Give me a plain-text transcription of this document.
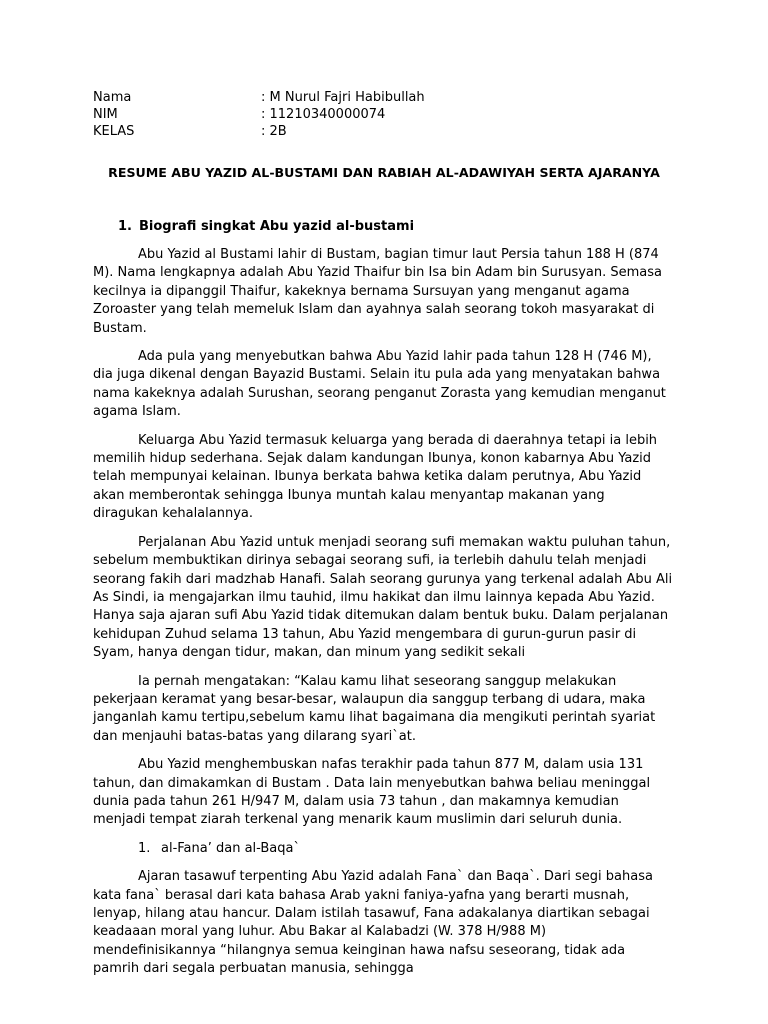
Nama	: M Nurul Fajri Habibullah
NIM	: 11210340000074
KELAS	: 2B
RESUME ABU YAZID AL-BUSTAMI DAN RABIAH AL-ADAWIYAH SERTA AJARANYA
1. Biografi singkat Abu yazid al-bustami

Abu Yazid al Bustami lahir di Bustam, bagian timur laut Persia tahun 188 H (874 M). Nama lengkapnya adalah Abu Yazid Thaifur bin Isa bin Adam bin Surusyan. Semasa kecilnya ia dipanggil Thaifur, kakeknya bernama Sursuyan yang menganut agama Zoroaster yang telah memeluk Islam dan ayahnya salah seorang tokoh masyarakat di Bustam.

Ada pula yang menyebutkan bahwa Abu Yazid lahir pada tahun 128 H (746 M), dia juga dikenal dengan Bayazid Bustami. Selain itu pula ada yang menyatakan bahwa nama kakeknya adalah Surushan, seorang penganut Zorasta yang kemudian menganut agama Islam.

Keluarga Abu Yazid termasuk keluarga yang berada di daerahnya tetapi ia lebih memilih hidup sederhana. Sejak dalam kandungan Ibunya, konon kabarnya Abu Yazid telah mempunyai kelainan. Ibunya berkata bahwa ketika dalam perutnya, Abu Yazid akan memberontak sehingga Ibunya muntah kalau menyantap makanan yang diragukan kehalalannya.

Perjalanan Abu Yazid untuk menjadi seorang sufi memakan waktu puluhan tahun, sebelum membuktikan dirinya sebagai seorang sufi, ia terlebih dahulu telah menjadi seorang fakih dari madzhab Hanafi. Salah seorang gurunya yang terkenal adalah Abu Ali As Sindi, ia mengajarkan ilmu tauhid, ilmu hakikat dan ilmu lainnya kepada Abu Yazid. Hanya saja ajaran sufi Abu Yazid tidak ditemukan dalam bentuk buku. Dalam perjalanan kehidupan Zuhud selama 13 tahun, Abu Yazid mengembara di gurun-gurun pasir di Syam, hanya dengan tidur, makan, dan minum yang sedikit sekali

Ia pernah mengatakan: “Kalau kamu lihat seseorang sanggup melakukan pekerjaan keramat yang besar-besar, walaupun dia sanggup terbang di udara, maka janganlah kamu tertipu,sebelum kamu lihat bagaimana dia mengikuti perintah syariat dan menjauhi batas-batas yang dilarang syari`at.

Abu Yazid menghembuskan nafas terakhir pada tahun 877 M, dalam usia 131 tahun, dan dimakamkan di Bustam . Data lain menyebutkan bahwa beliau meninggal dunia pada tahun 261 H/947 M, dalam usia 73 tahun , dan makamnya kemudian menjadi tempat ziarah terkenal yang menarik kaum muslimin dari seluruh dunia.

1. al-Fana’ dan al-Baqa`

Ajaran tasawuf terpenting Abu Yazid adalah Fana` dan Baqa`. Dari segi bahasa kata fana` berasal dari kata bahasa Arab yakni faniya-yafna yang berarti musnah, lenyap, hilang atau hancur. Dalam istilah tasawuf, Fana adakalanya diartikan sebagai keadaaan moral yang luhur. Abu Bakar al Kalabadzi (W. 378 H/988 M) mendefinisikannya “hilangnya semua keinginan hawa nafsu seseorang, tidak ada pamrih dari segala perbuatan manusia, sehingga
